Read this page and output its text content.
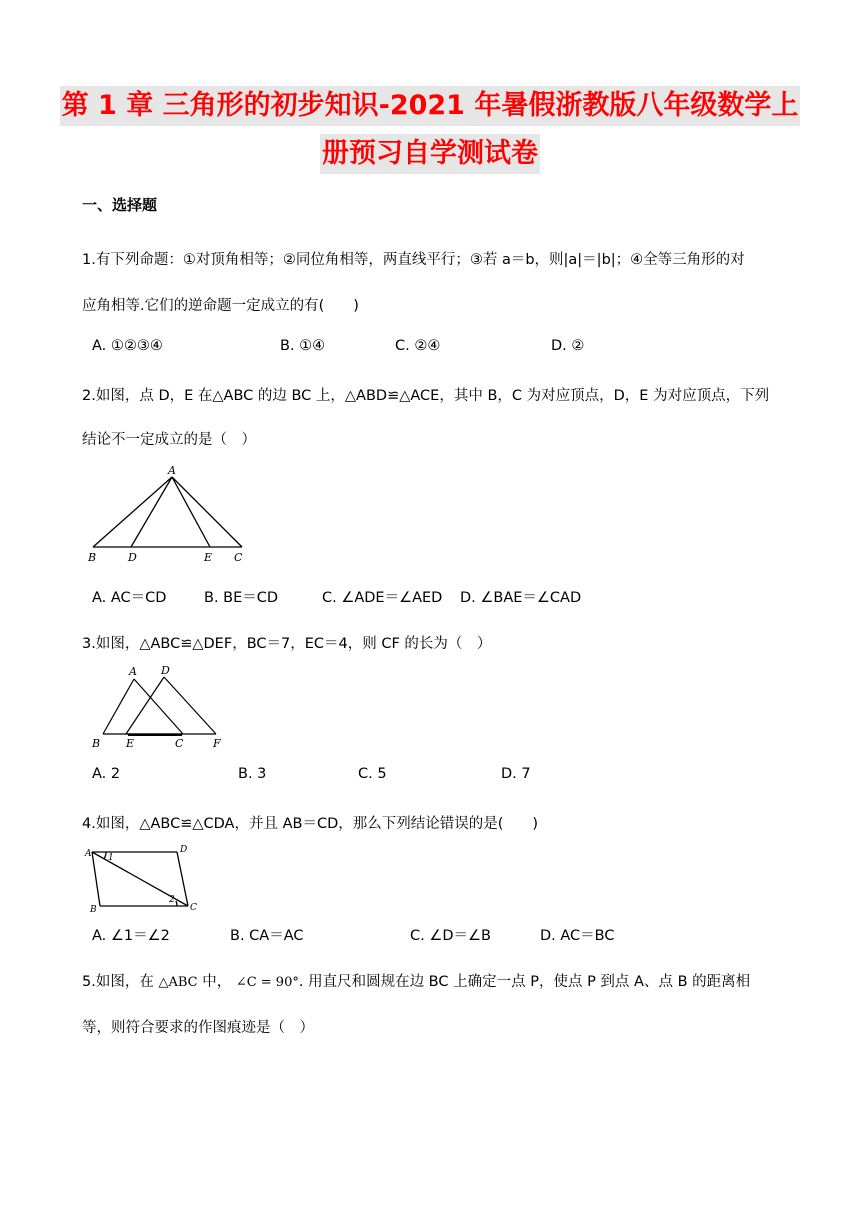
第 1 章 三角形的初步知识-2021 年暑假浙教版八年级数学上
册预习自学测试卷
一、选择题
1.有下列命题：①对顶角相等；②同位角相等，两直线平行；③若 a＝b，则|a|＝|b|；④全等三角形的对
应角相等.它们的逆命题一定成立的有(　　)
A. ①②③④	B. ①④	C. ②④	D. ②
2.如图，点 D，E 在△ABC 的边 BC 上，△ABD≌△ACE，其中 B，C 为对应顶点，D，E 为对应顶点，下列
结论不一定成立的是（　）
A
B	D	E C
A. AC＝CD	B. BE＝CD	C. ∠ADE＝∠AED D. ∠BAE＝∠CAD
3.如图，△ABC≌△DEF，BC＝7，EC＝4，则 CF 的长为（　）
A D
B E	C	F
A. 2	B. 3	C. 5	D. 7
4.如图，△ABC≌△CDA，并且 AB＝CD，那么下列结论错误的是(　　)
A	D
B	C
1
2
A. ∠1＝∠2	B. CA＝AC	C. ∠D＝∠B	D. AC＝BC
5.如图，在 △ABC 中， ∠C = 90°. 用直尺和圆规在边 BC 上确定一点 P，使点 P 到点 A、点 B 的距离相
等，则符合要求的作图痕迹是（　）
